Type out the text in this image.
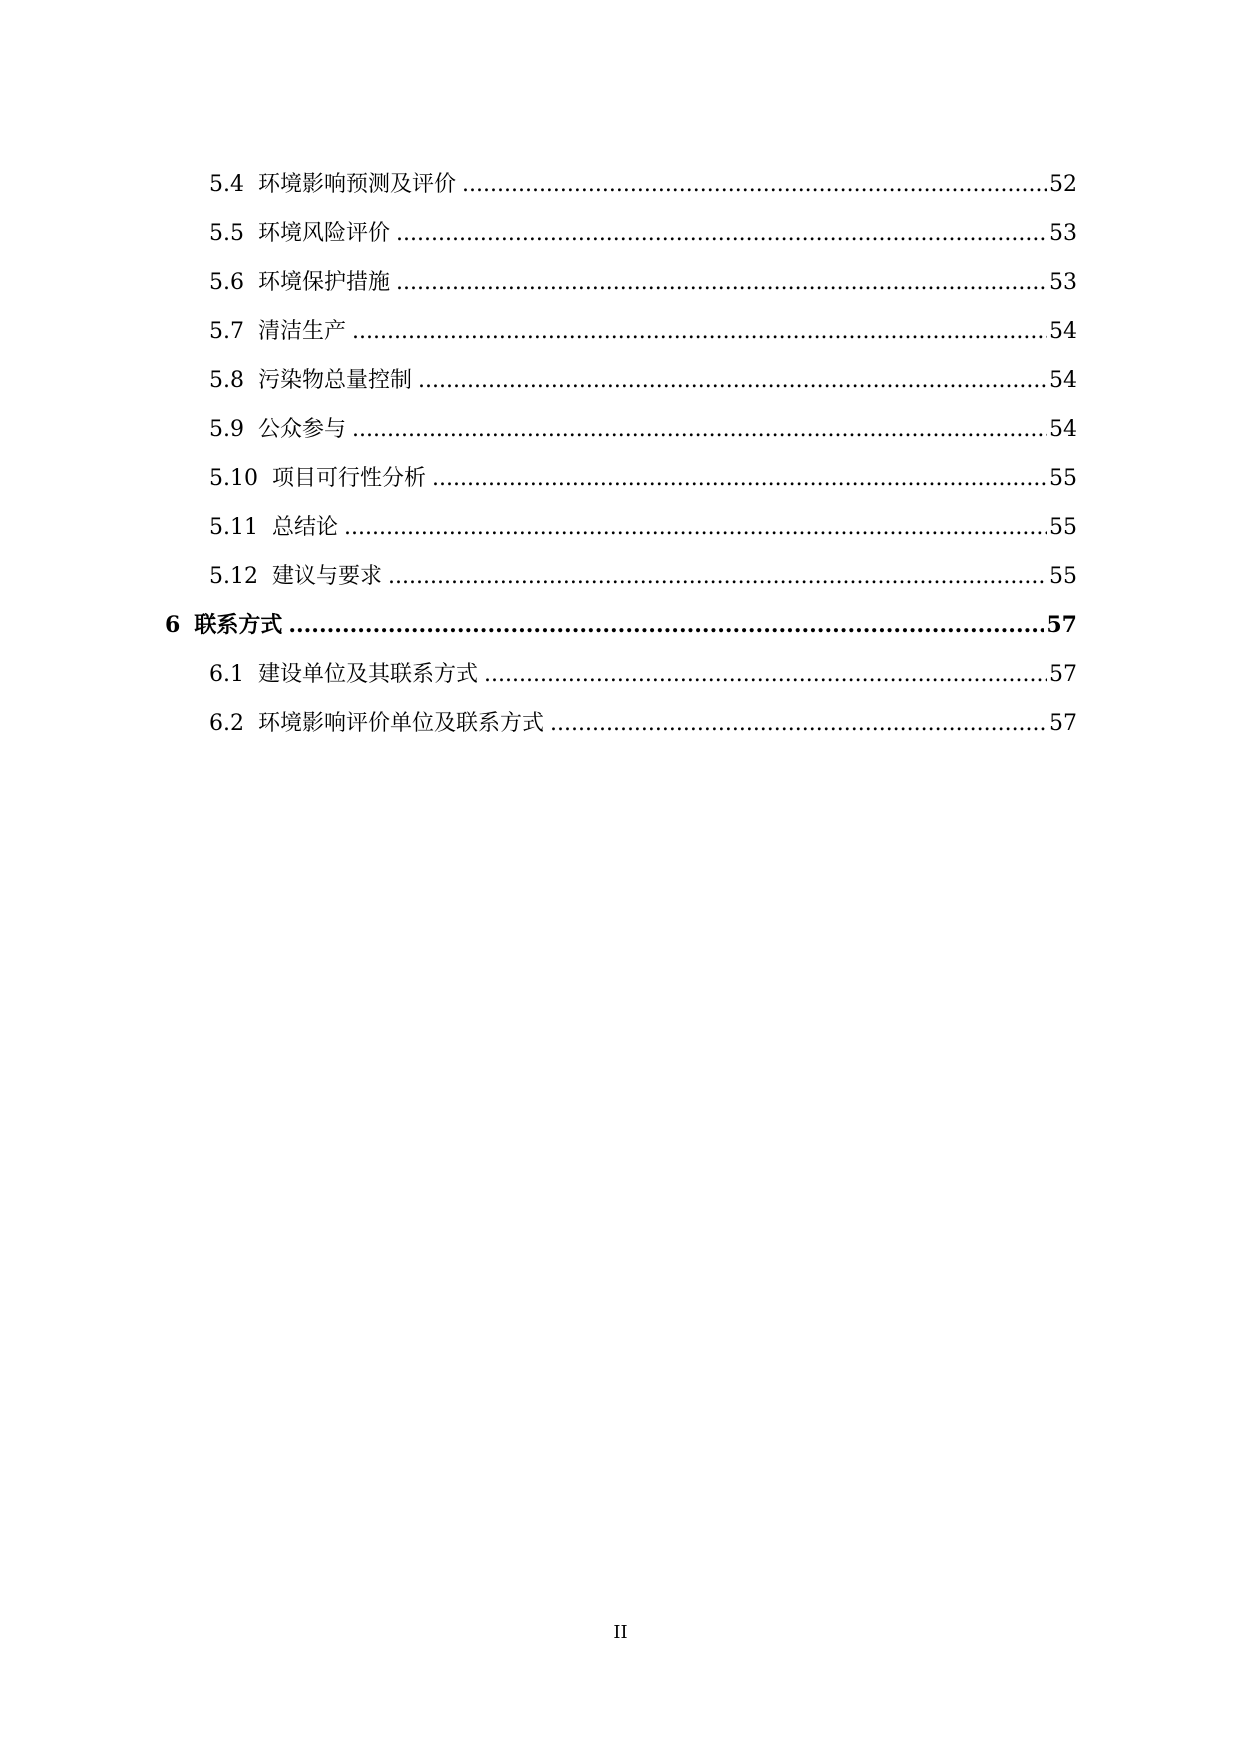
5.4 环境影响预测及评价 .....	52
5.5 环境风险评价 .....	53
5.6 环境保护措施 .....	53
5.7 清洁生产 .....	54
5.8 污染物总量控制 .....	54
5.9 公众参与 .....	54
5.10 项目可行性分析 .....	55
5.11 总结论 .....	55
5.12 建议与要求 .....	55
6 联系方式 .....	57
6.1 建设单位及其联系方式 .....	57
6.2 环境影响评价单位及联系方式 .....	57
II
